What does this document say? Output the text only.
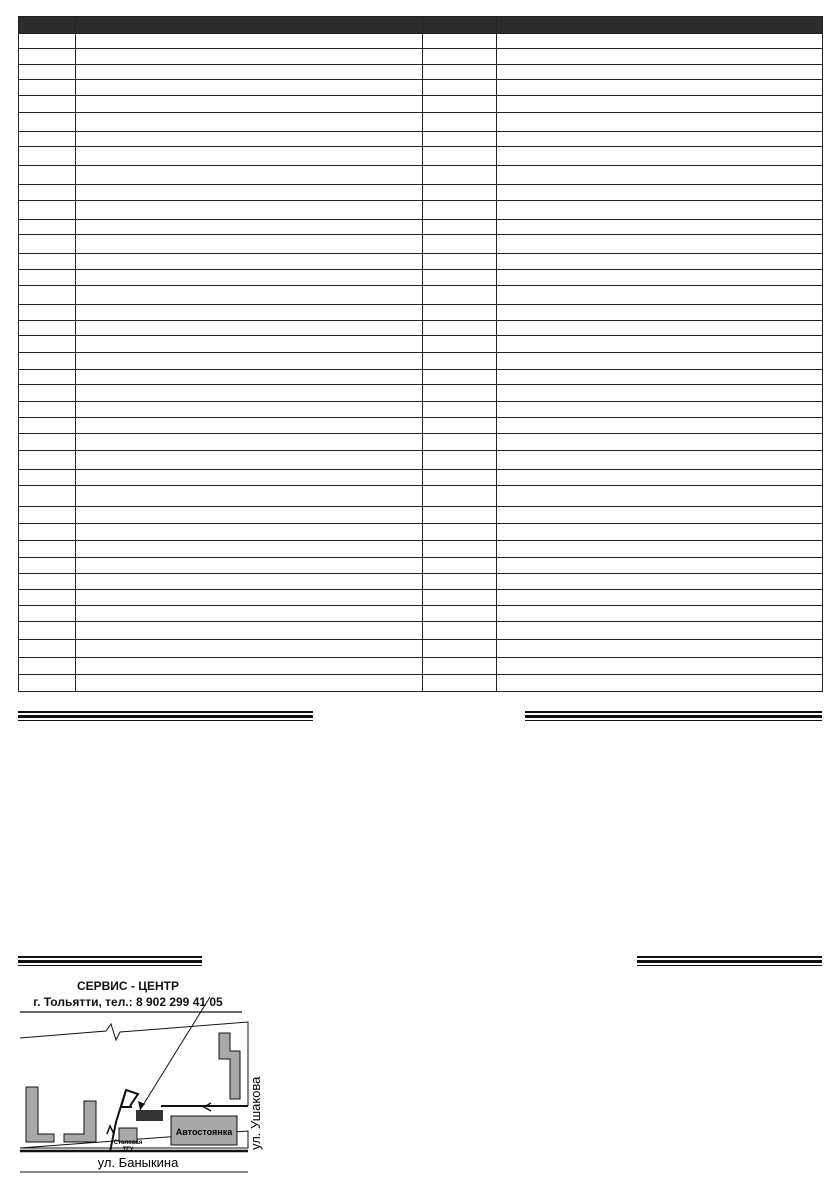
СЕРВИС - ЦЕНТР
г. Тольятти, тел.: 8 902 299 41 05
Столовая
ТГУ
Автостоянка
ул. Баныкина
ул. Ушакова
